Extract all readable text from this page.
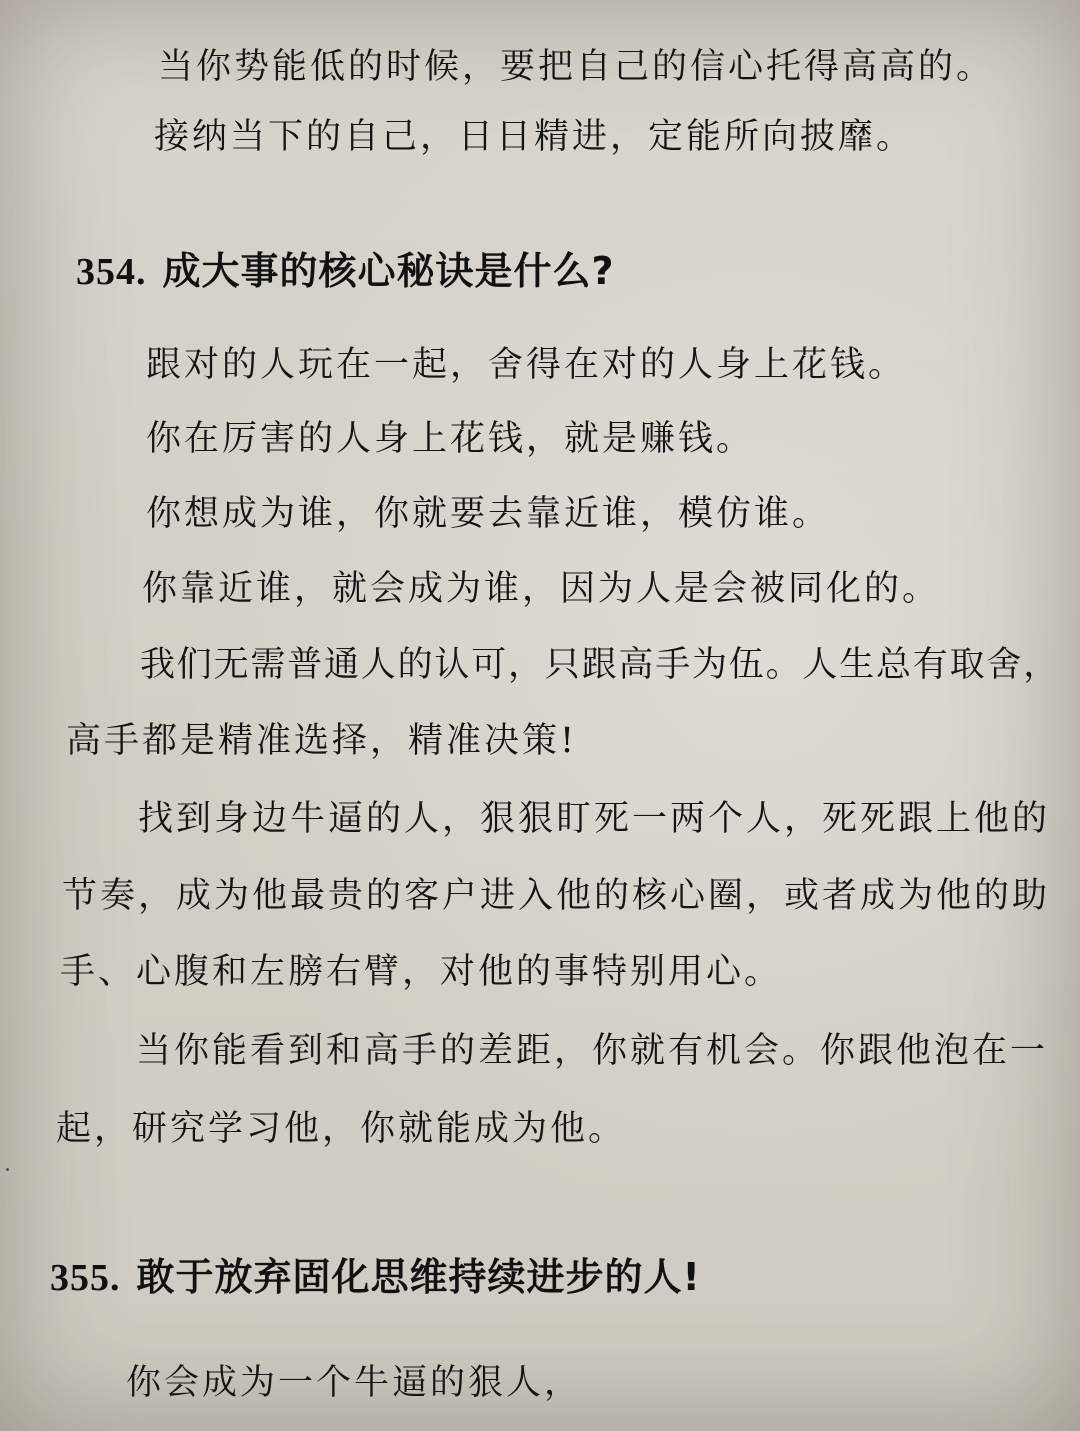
当你势能低的时候，要把自己的信心托得高高的。
接纳当下的自己，日日精进，定能所向披靡。
354. 成大事的核心秘诀是什么?
跟对的人玩在一起，舍得在对的人身上花钱。
你在厉害的人身上花钱，就是赚钱。
你想成为谁，你就要去靠近谁，模仿谁。
你靠近谁，就会成为谁，因为人是会被同化的。
我们无需普通人的认可，只跟高手为伍。人生总有取舍，
高手都是精准选择，精准决策!
找到身边牛逼的人，狠狠盯死一两个人，死死跟上他的
节奏，成为他最贵的客户进入他的核心圈，或者成为他的助
手、心腹和左膀右臂，对他的事特别用心。
当你能看到和高手的差距，你就有机会。你跟他泡在一
起，研究学习他，你就能成为他。
355. 敢于放弃固化思维持续进步的人!
你会成为一个牛逼的狠人，
